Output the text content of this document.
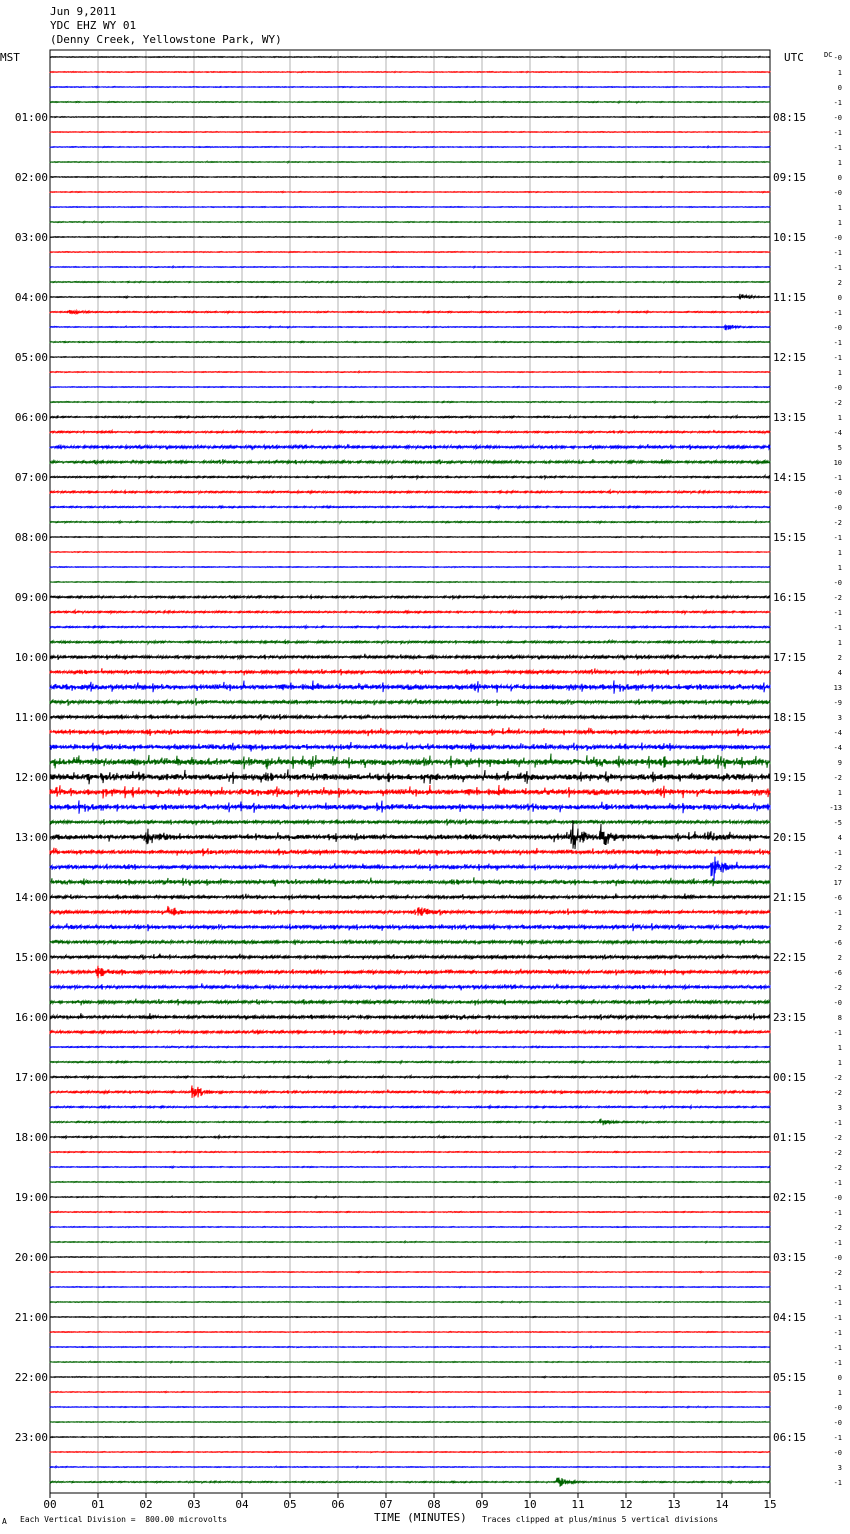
Jun 9,2011
YDC EHZ WY 01
(Denny Creek, Yellowstone Park, WY)
-0
1
0
-1
-0
-1
-1
1
0
-0
1
1
-0
-1
-1
2
0
-1
-0
-1
-1
1
-0
-2
1
-4
5
10
-1
-0
-0
-2
-1
1
1
-0
-2
-1
-1
1
2
4
13
-9
3
-4
-4
9
-2
1
-13
-5
4
-1
-2
17
-6
-1
2
-6
2
-6
-2
-0
8
-1
1
1
-2
-2
3
-1
-2
-2
-2
-1
-0
-1
-2
-1
-0
-2
-1
-1
-1
-1
-1
-1
0
1
-0
-0
-1
-0
3
-1
01:00	08:15
02:00	09:15
03:00	10:15
04:00	11:15
05:00	12:15
06:00	13:15
07:00	14:15
08:00	15:15
09:00	16:15
10:00	17:15
11:00	18:15
12:00	19:15
13:00	20:15
14:00	21:15
15:00	22:15
16:00	23:15
17:00	00:15
18:00	01:15
19:00	02:15
20:00	03:15
21:00	04:15
22:00	05:15
23:00	06:15
MST	UTC	DC
00	01	02	03	04	05	06	07	08	09	10	11	12	13	14	15
A Each Vertical Division =  800.00 microvolts	TIME (MINUTES) Traces clipped at plus/minus 5 vertical divisions
